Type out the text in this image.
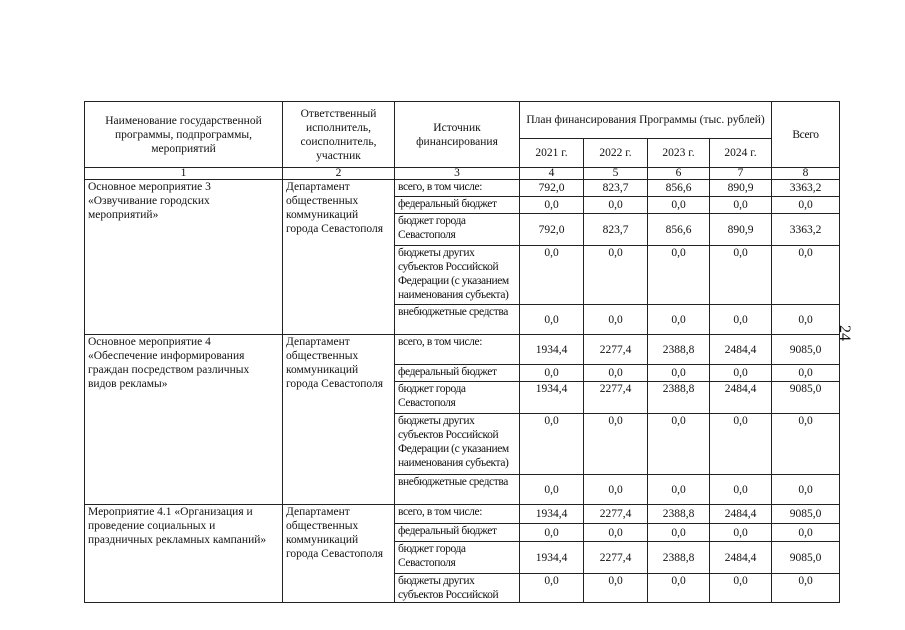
Наименование государственной программы, подпрограммы, мероприятий	Ответственный исполнитель, соисполнитель, участник	Источник финансирования	План финансирования Программы (тыс. рублей)				Всего
			2021 г.	2022 г.	2023 г.	2024 г.	
1	2	3	4	5	6	7	8
Основное мероприятие 3 «Озвучивание городских мероприятий»	Департамент общественных коммуникаций города Севастополя	всего, в том числе:	792,0	823,7	856,6	890,9	3363,2
		федеральный бюджет	0,0	0,0	0,0	0,0	0,0
		бюджет города Севастополя	792,0	823,7	856,6	890,9	3363,2
		бюджеты других субъектов Российской Федерации (с указанием наименования субъекта)	0,0	0,0	0,0	0,0	0,0
		внебюджетные средства	0,0	0,0	0,0	0,0	0,0
Основное мероприятие 4 «Обеспечение информирования граждан посредством различных видов рекламы»	Департамент общественных коммуникаций города Севастополя	всего, в том числе:	1934,4	2277,4	2388,8	2484,4	9085,0
		федеральный бюджет	0,0	0,0	0,0	0,0	0,0
		бюджет города Севастополя	1934,4	2277,4	2388,8	2484,4	9085,0
		бюджеты других субъектов Российской Федерации (с указанием наименования субъекта)	0,0	0,0	0,0	0,0	0,0
		внебюджетные средства	0,0	0,0	0,0	0,0	0,0
Мероприятие 4.1 «Организация и проведение социальных и праздничных рекламных кампаний»	Департамент общественных коммуникаций города Севастополя	всего, в том числе:	1934,4	2277,4	2388,8	2484,4	9085,0
		федеральный бюджет	0,0	0,0	0,0	0,0	0,0
		бюджет города Севастополя	1934,4	2277,4	2388,8	2484,4	9085,0
		бюджеты других субъектов Российской	0,0	0,0	0,0	0,0	0,0
24
